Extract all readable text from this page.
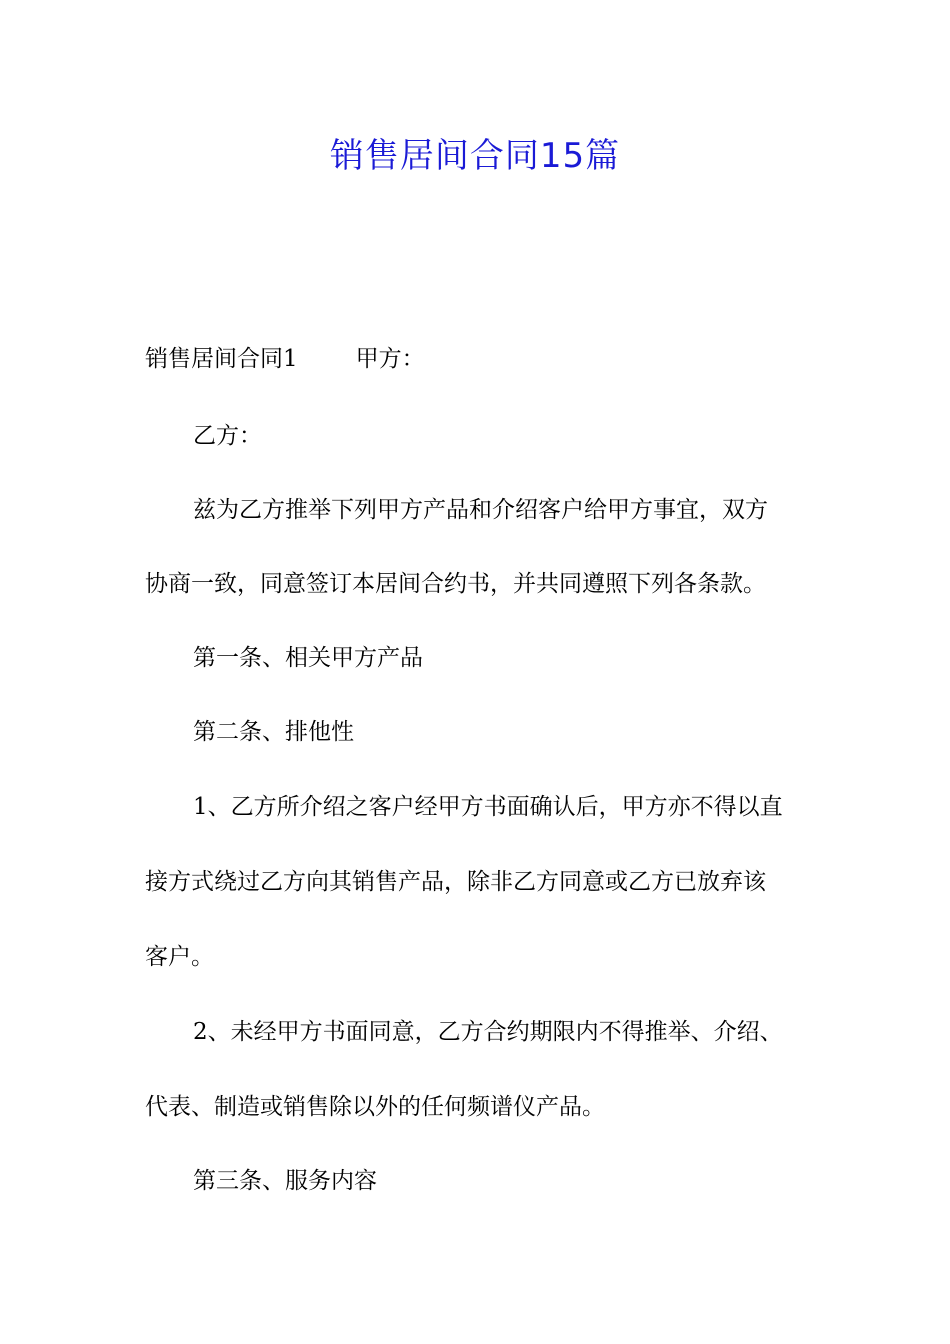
销售居间合同15篇

销售居间合同1	甲方：

乙方：

兹为乙方推举下列甲方产品和介绍客户给甲方事宜，双方

协商一致，同意签订本居间合约书，并共同遵照下列各条款。

第一条、相关甲方产品

第二条、排他性

1、乙方所介绍之客户经甲方书面确认后，甲方亦不得以直

接方式绕过乙方向其销售产品，除非乙方同意或乙方已放弃该

客户。

2、未经甲方书面同意，乙方合约期限内不得推举、介绍、

代表、制造或销售除以外的任何频谱仪产品。

第三条、服务内容
